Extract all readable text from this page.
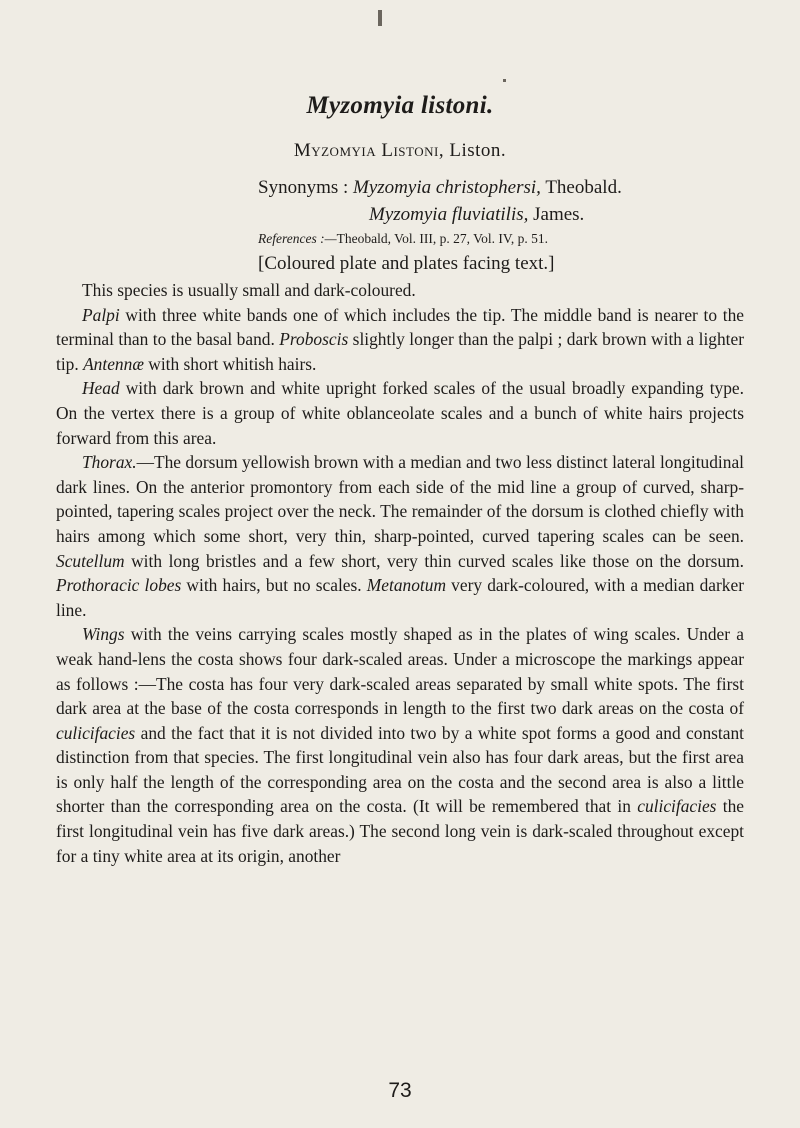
Myzomyia listoni.
Myzomyia Listoni, Liston.
Synonyms : Myzomyia christophersi, Theobald.
Myzomyia fluviatilis, James.
References :—Theobald, Vol. III, p. 27, Vol. IV, p. 51.
[Coloured plate and plates facing text.]

This species is usually small and dark-coloured.

Palpi with three white bands one of which includes the tip. The middle band is nearer to the terminal than to the basal band. Proboscis slightly longer than the palpi ; dark brown with a lighter tip. Antennæ with short whitish hairs.

Head with dark brown and white upright forked scales of the usual broadly expanding type. On the vertex there is a group of white oblanceolate scales and a bunch of white hairs projects forward from this area.

Thorax.—The dorsum yellowish brown with a median and two less distinct lateral longitudinal dark lines. On the anterior promontory from each side of the mid line a group of curved, sharp-pointed, tapering scales project over the neck. The remainder of the dorsum is clothed chiefly with hairs among which some short, very thin, sharp-pointed, curved tapering scales can be seen. Scutellum with long bristles and a few short, very thin curved scales like those on the dorsum. Prothoracic lobes with hairs, but no scales. Metanotum very dark-coloured, with a median darker line.

Wings with the veins carrying scales mostly shaped as in the plates of wing scales. Under a weak hand-lens the costa shows four dark-scaled areas. Under a microscope the markings appear as follows :—The costa has four very dark-scaled areas separated by small white spots. The first dark area at the base of the costa corresponds in length to the first two dark areas on the costa of culicifacies and the fact that it is not divided into two by a white spot forms a good and constant distinction from that species. The first longitudinal vein also has four dark areas, but the first area is only half the length of the corresponding area on the costa and the second area is also a little shorter than the corresponding area on the costa. (It will be remembered that in culicifacies the first longitudinal vein has five dark areas.) The second long vein is dark-scaled throughout except for a tiny white area at its origin, another

73
